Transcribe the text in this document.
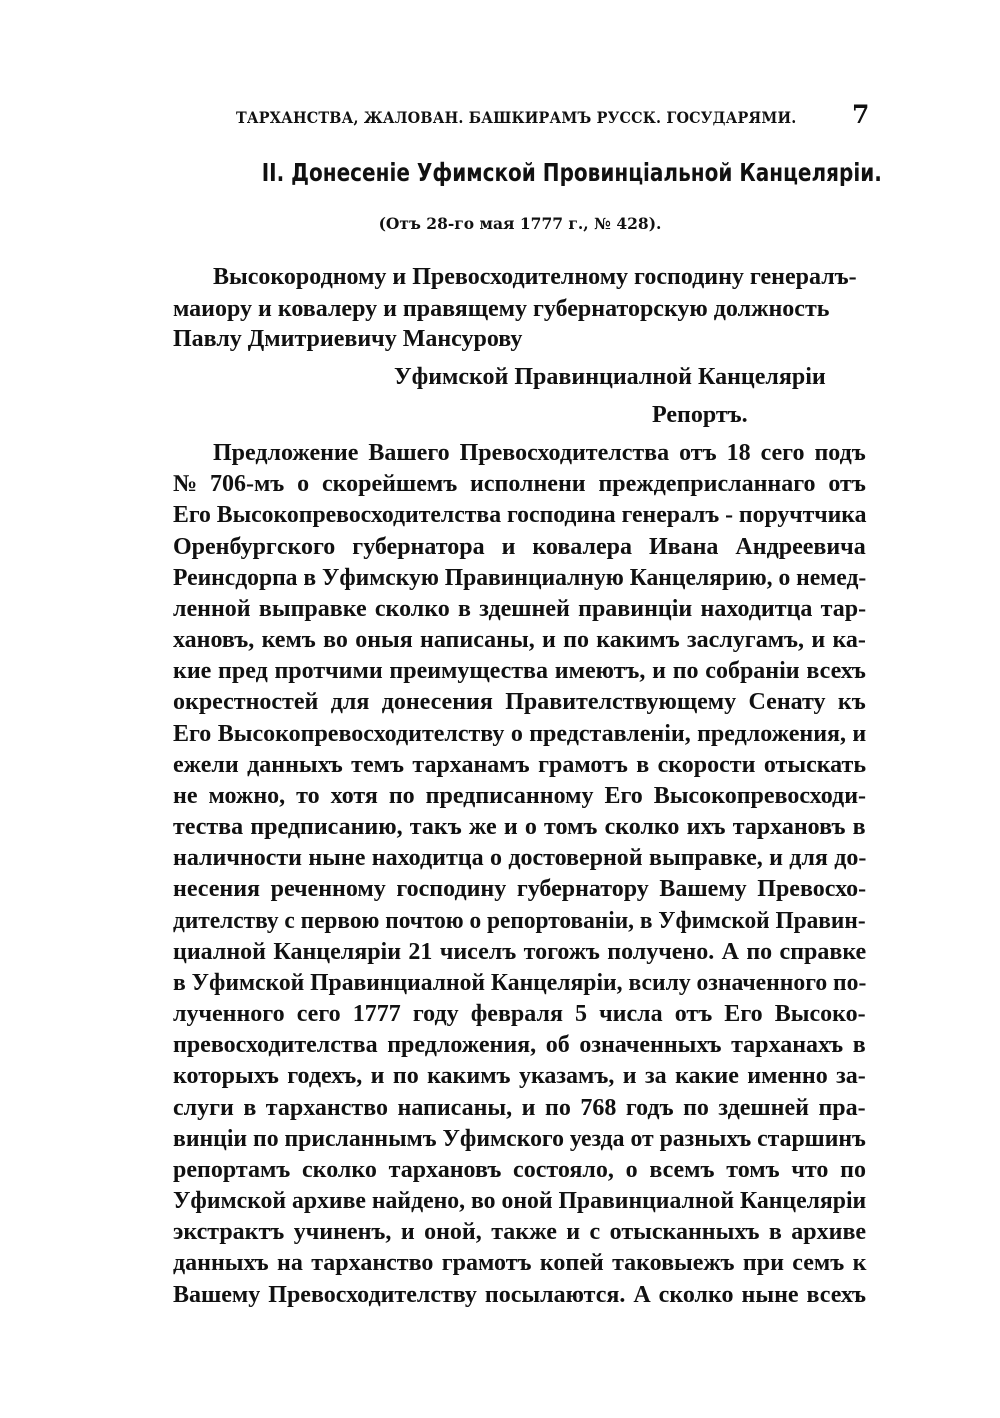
ТАРХАНСТВА, ЖАЛОВАН. БАШКИРАМЪ РУССК. ГОСУДАРЯМИ. 7
II. Донесеніе Уфимской Провинціальной Канцеляріи.
(Отъ 28-го мая 1777 г., № 428).
Высокородному и Превосходителному господину генералъ-
маиору и ковалеру и правящему губернаторскую должность
Павлу Дмитриевичу Мансурову
Уфимской Правинциалной Канцеляріи
Репортъ.
Предложение Вашего Превосходителства отъ 18 сего подъ
№ 706-мъ о скорейшемъ исполнени преждеприсланнаго отъ
Его Высокопревосходителства господина генералъ - поручтчика
Оренбургского губернатора и ковалера Ивана Андреевича
Реинсдорпа в Уфимскую Правинциалную Канцелярию, о немед-
ленной выправке сколко в здешней правинціи находитца тар-
хановъ, кемъ во оныя написаны, и по какимъ заслугамъ, и ка-
кие пред протчими преимущества имеютъ, и по собраніи всехъ
окрестностей для донесения Правителствующему Сенату къ
Его Высокопревосходителству о представленіи, предложения, и
ежели данныхъ темъ тарханамъ грамотъ в скорости отыскать
не можно, то хотя по предписанному Его Высокопревосходи-
тества предписанию, такъ же и о томъ сколко ихъ тархановъ в
наличности ныне находитца о достоверной выправке, и для до-
несения реченному господину губернатору Вашему Превосхо-
дителству с первою почтою о репортованіи, в Уфимской Правин-
циалной Канцеляріи 21 чиселъ тогожъ получено. А по справке
в Уфимской Правинциалной Канцеляріи, всилу означенного по-
лученного сего 1777 году февраля 5 числа отъ Его Высоко-
превосходителства предложения, об означенныхъ тарханахъ в
которыхъ годехъ, и по какимъ указамъ, и за какие именно за-
слуги в тарханство написаны, и по 768 годъ по здешней пра-
винціи по присланнымъ Уфимского уезда от разныхъ старшинъ
репортамъ сколко тархановъ состояло, о всемъ томъ что по
Уфимской архиве найдено, во оной Правинциалной Канцеляріи
экстрактъ учиненъ, и оной, также и с отысканныхъ в архиве
данныхъ на тарханство грамотъ копей таковыежъ при семъ к
Вашему Превосходителству посылаются. А сколко ныне всехъ
